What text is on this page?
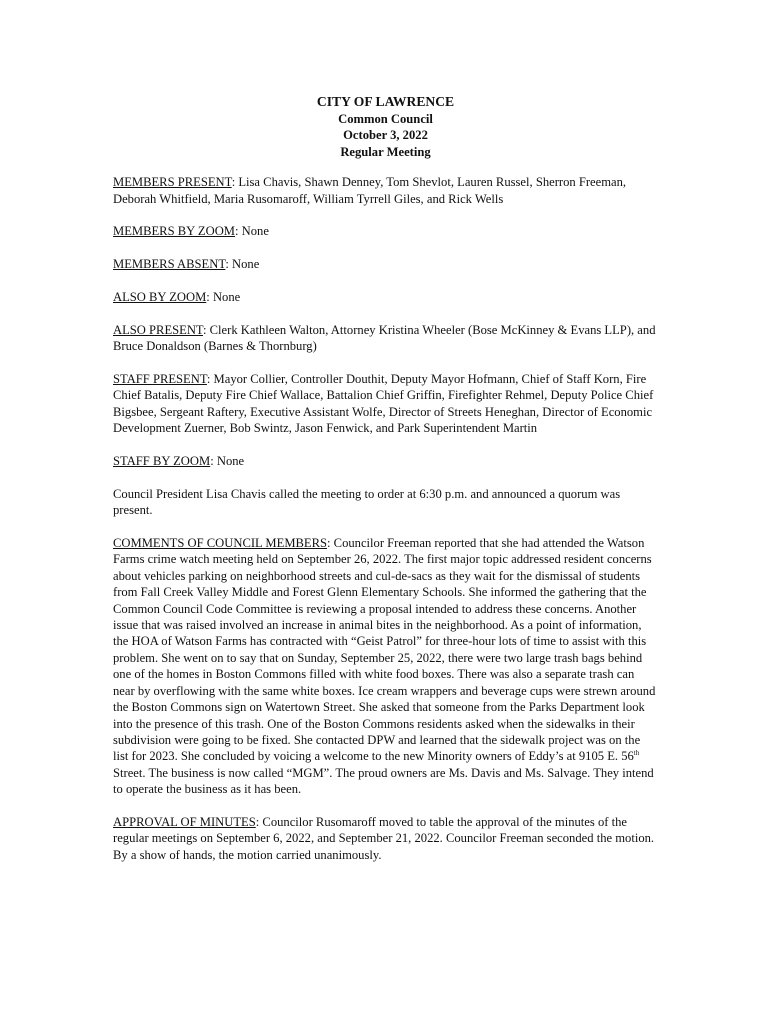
CITY OF LAWRENCE
Common Council
October 3, 2022
Regular Meeting

MEMBERS PRESENT: Lisa Chavis, Shawn Denney, Tom Shevlot, Lauren Russel, Sherron Freeman, Deborah Whitfield, Maria Rusomaroff, William Tyrrell Giles, and Rick Wells

MEMBERS BY ZOOM: None

MEMBERS ABSENT: None

ALSO BY ZOOM: None

ALSO PRESENT: Clerk Kathleen Walton, Attorney Kristina Wheeler (Bose McKinney & Evans LLP), and Bruce Donaldson (Barnes & Thornburg)

STAFF PRESENT: Mayor Collier, Controller Douthit, Deputy Mayor Hofmann, Chief of Staff Korn, Fire Chief Batalis, Deputy Fire Chief Wallace, Battalion Chief Griffin, Firefighter Rehmel, Deputy Police Chief Bigsbee, Sergeant Raftery, Executive Assistant Wolfe, Director of Streets Heneghan, Director of Economic Development Zuerner, Bob Swintz, Jason Fenwick, and Park Superintendent Martin

STAFF BY ZOOM: None

Council President Lisa Chavis called the meeting to order at 6:30 p.m. and announced a quorum was present.

COMMENTS OF COUNCIL MEMBERS: Councilor Freeman reported that she had attended the Watson Farms crime watch meeting held on September 26, 2022. The first major topic addressed resident concerns about vehicles parking on neighborhood streets and cul-de-sacs as they wait for the dismissal of students from Fall Creek Valley Middle and Forest Glenn Elementary Schools. She informed the gathering that the Common Council Code Committee is reviewing a proposal intended to address these concerns. Another issue that was raised involved an increase in animal bites in the neighborhood. As a point of information, the HOA of Watson Farms has contracted with “Geist Patrol” for three-hour lots of time to assist with this problem. She went on to say that on Sunday, September 25, 2022, there were two large trash bags behind one of the homes in Boston Commons filled with white food boxes. There was also a separate trash can near by overflowing with the same white boxes. Ice cream wrappers and beverage cups were strewn around the Boston Commons sign on Watertown Street. She asked that someone from the Parks Department look into the presence of this trash. One of the Boston Commons residents asked when the sidewalks in their subdivision were going to be fixed. She contacted DPW and learned that the sidewalk project was on the list for 2023. She concluded by voicing a welcome to the new Minority owners of Eddy’s at 9105 E. 56th Street. The business is now called “MGM”. The proud owners are Ms. Davis and Ms. Salvage. They intend to operate the business as it has been.

APPROVAL OF MINUTES: Councilor Rusomaroff moved to table the approval of the minutes of the regular meetings on September 6, 2022, and September 21, 2022. Councilor Freeman seconded the motion. By a show of hands, the motion carried unanimously.
